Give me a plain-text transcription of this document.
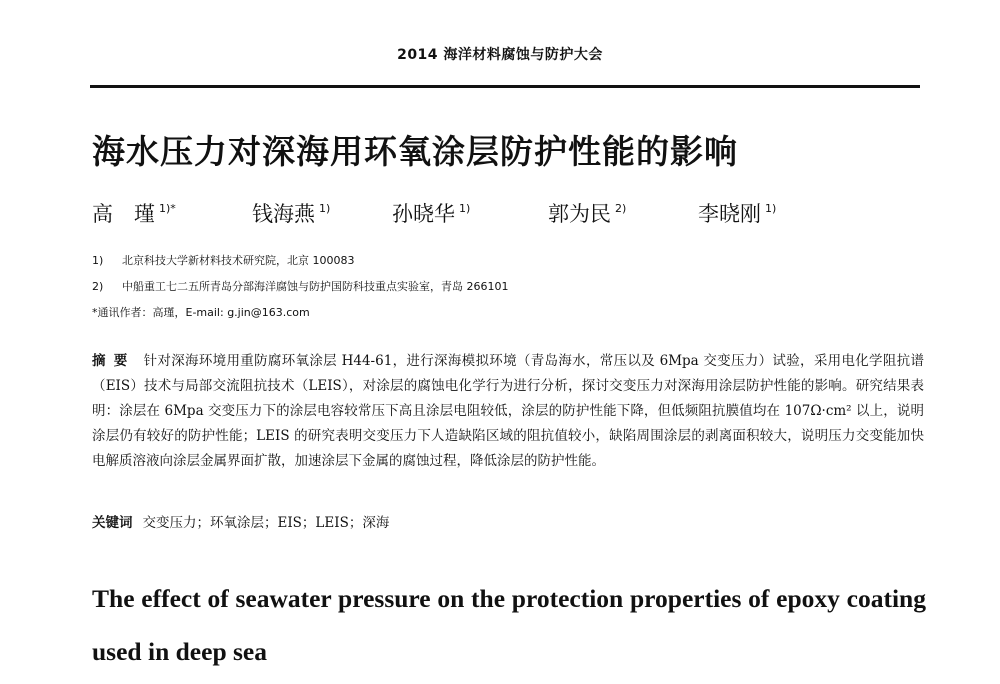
2014 海洋材料腐蚀与防护大会
海水压力对深海用环氧涂层防护性能的影响
高　瑾 $^{1)*}$	钱海燕 $^{1)}$	孙晓华 $^{1)}$	郭为民 $^{2)}$	李晓刚 $^{1)}$
1) 北京科技大学新材料技术研究院，北京 100083
2) 中船重工七二五所青岛分部海洋腐蚀与防护国防科技重点实验室，青岛 266101
*通讯作者：高瑾，E-mail: g.jin@163.com
摘要 针对深海环境用重防腐环氧涂层 H44-61，进行深海模拟环境（青岛海水，常压以及 6Mpa 交变压力）试验，采用电化学阻抗谱（EIS）技术与局部交流阻抗技术（LEIS），对涂层的腐蚀电化学行为进行分析，探讨交变压力对深海用涂层防护性能的影响。研究结果表明：涂层在 6Mpa 交变压力下的涂层电容较常压下高且涂层电阻较低，涂层的防护性能下降，但低频阻抗膜值均在 107Ω·cm² 以上，说明涂层仍有较好的防护性能；LEIS 的研究表明交变压力下人造缺陷区域的阻抗值较小，缺陷周围涂层的剥离面积较大，说明压力交变能加快电解质溶液向涂层金属界面扩散，加速涂层下金属的腐蚀过程，降低涂层的防护性能。
关键词 交变压力；环氧涂层；EIS；LEIS；深海
The effect of seawater pressure on the protection properties of epoxy coating used in deep sea
